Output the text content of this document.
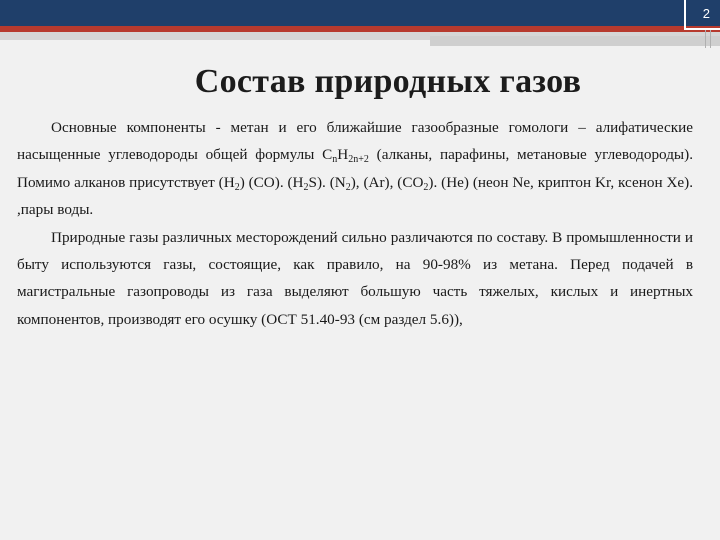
2
Состав природных газов

Основные компоненты - метан и его ближайшие газообразные гомологи – алифатические насыщенные углеводороды общей формулы $C_nH_{2n+2}$ (алканы, парафины, метановые углеводороды). Помимо алканов присутствует $(H_2)$ (CO). $(H_2S)$. $(N_2)$, (Ar), $(CO_2)$. (He) (неон Ne, криптон Kr, ксенон Xe). ,пары воды.

Природные газы различных месторождений сильно различаются по составу. В промышленности и быту используются газы, состоящие, как правило, на 90-98% из метана. Перед подачей в магистральные газопроводы из газа выделяют большую часть тяжелых, кислых и инертных компонентов, производят его осушку (ОСТ 51.40-93 (см раздел 5.6)),
